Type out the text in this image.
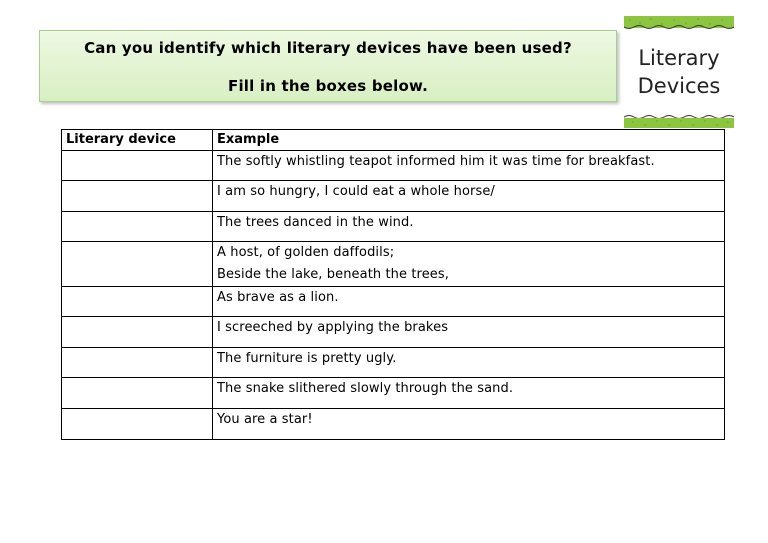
Can you identify which literary devices have been used?
Fill in the boxes below.
Literary
Devices
Literary device	Example
	The softly whistling teapot informed him it was time for breakfast.
	I am so hungry, I could eat a whole horse/
	The trees danced in the wind.

	A host, of golden daffodils;
Beside the lake, beneath the trees,

	As brave as a lion.
	I screeched by applying the brakes
	The furniture is pretty ugly.
	The snake slithered slowly through the sand.
	You are a star!
